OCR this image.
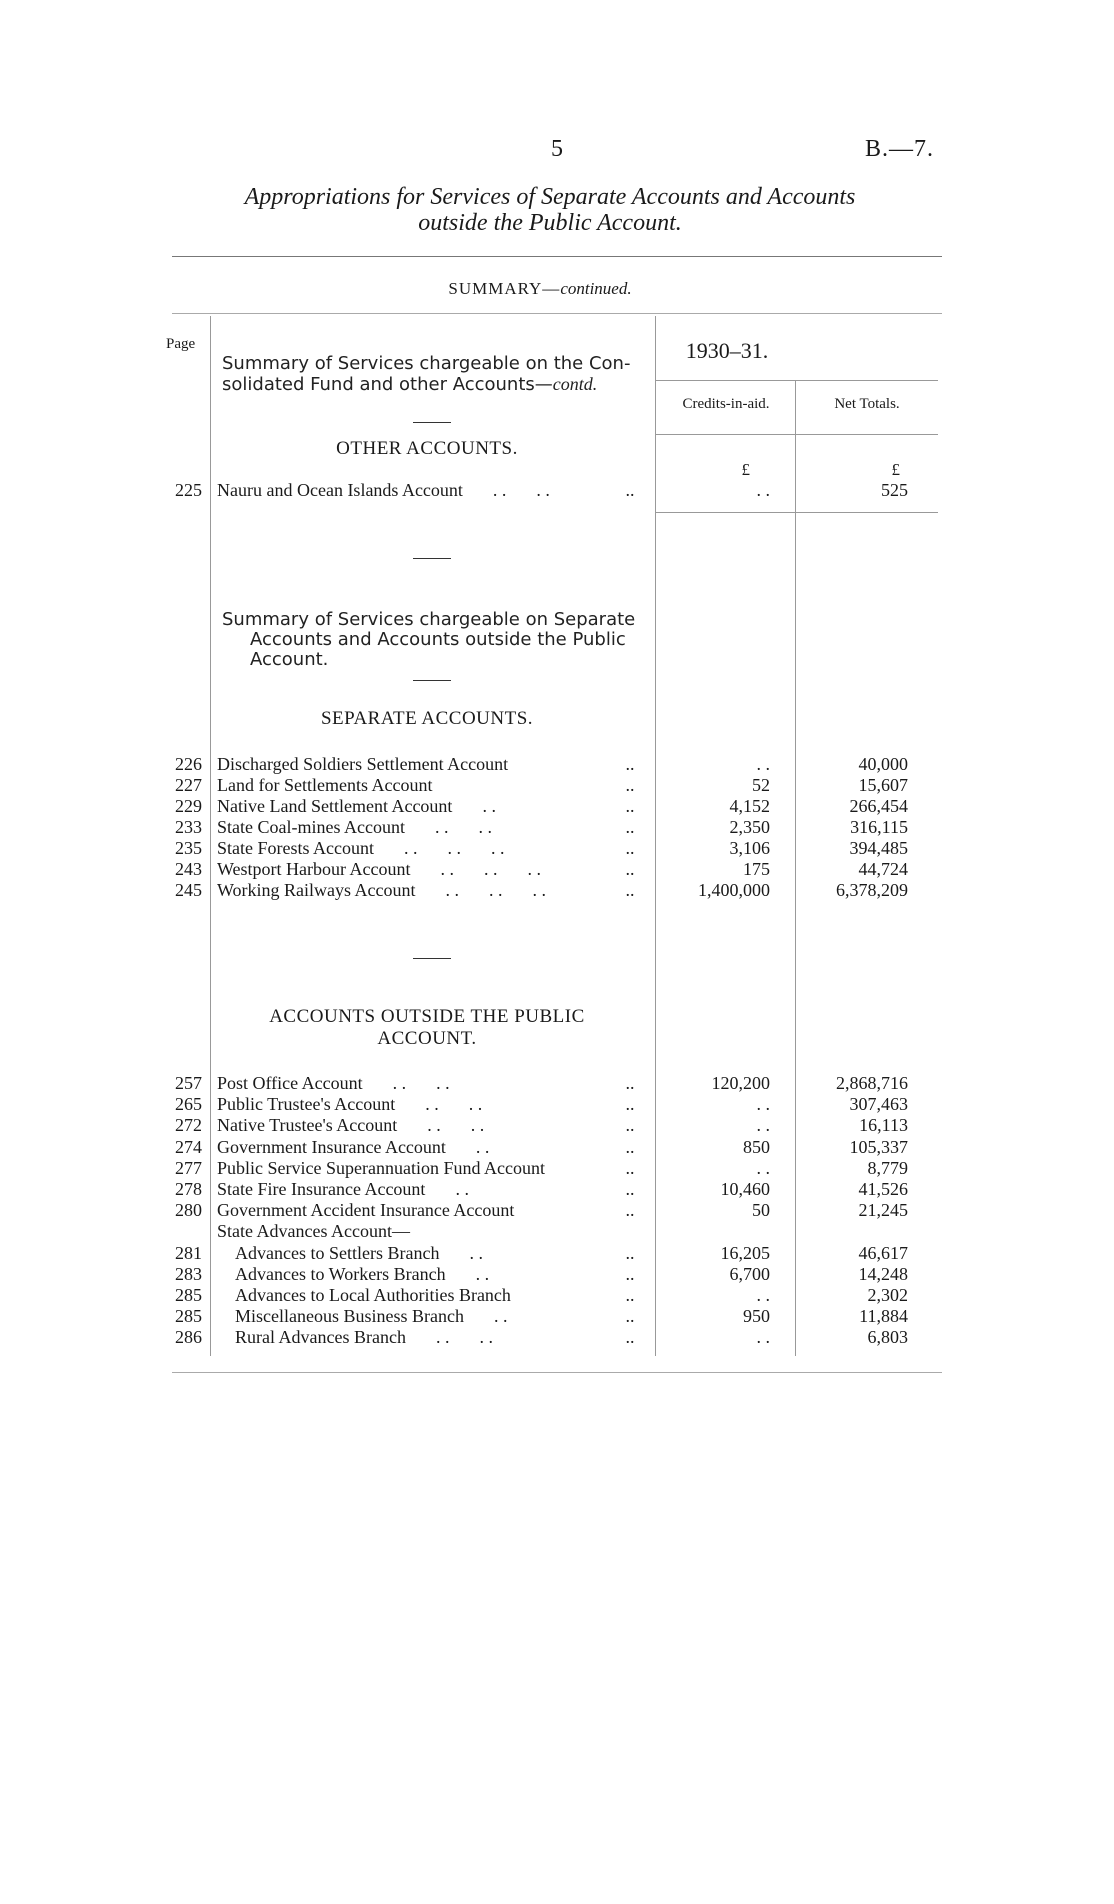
5	B.—7.
Appropriations for Services of Separate Accounts and Accounts
outside the Public Account.
SUMMARY—continued.
Page	1930–31.
Credits-in-aid.	Net Totals.
Summary of Services chargeable on the Con-
solidated Fund and other Accounts—contd.
OTHER ACCOUNTS.
£	£
225 Nauru and Ocean Islands Account . . . .	..	. .	525
Summary of Services chargeable on Separate
Accounts and Accounts outside the Public
Account.
SEPARATE ACCOUNTS.
226 Discharged Soldiers Settlement Account	..	. .	40,000
227 Land for Settlements Account	..	52	15,607
229 Native Land Settlement Account . .	..	4,152	266,454
233 State Coal-mines Account . . . .	..	2,350	316,115
235 State Forests Account . . . . . .	..	3,106	394,485
243 Westport Harbour Account . . . . . .	..	175	44,724
245 Working Railways Account . . . . . .	..	1,400,000	6,378,209
ACCOUNTS OUTSIDE THE PUBLIC
ACCOUNT.
257 Post Office Account . . . .	..	120,200	2,868,716
265 Public Trustee's Account . . . .	..	. .	307,463
272 Native Trustee's Account . . . .	..	. .	16,113
274 Government Insurance Account . .	..	850	105,337
277 Public Service Superannuation Fund Account	..	. .	8,779
278 State Fire Insurance Account . .	..	10,460	41,526
280 Government Accident Insurance Account	..	50	21,245
State Advances Account—
281 Advances to Settlers Branch . .	..	16,205	46,617
283 Advances to Workers Branch . .	..	6,700	14,248
285 Advances to Local Authorities Branch	..	. .	2,302
285 Miscellaneous Business Branch . .	..	950	11,884
286 Rural Advances Branch . . . .	..	. .	6,803
